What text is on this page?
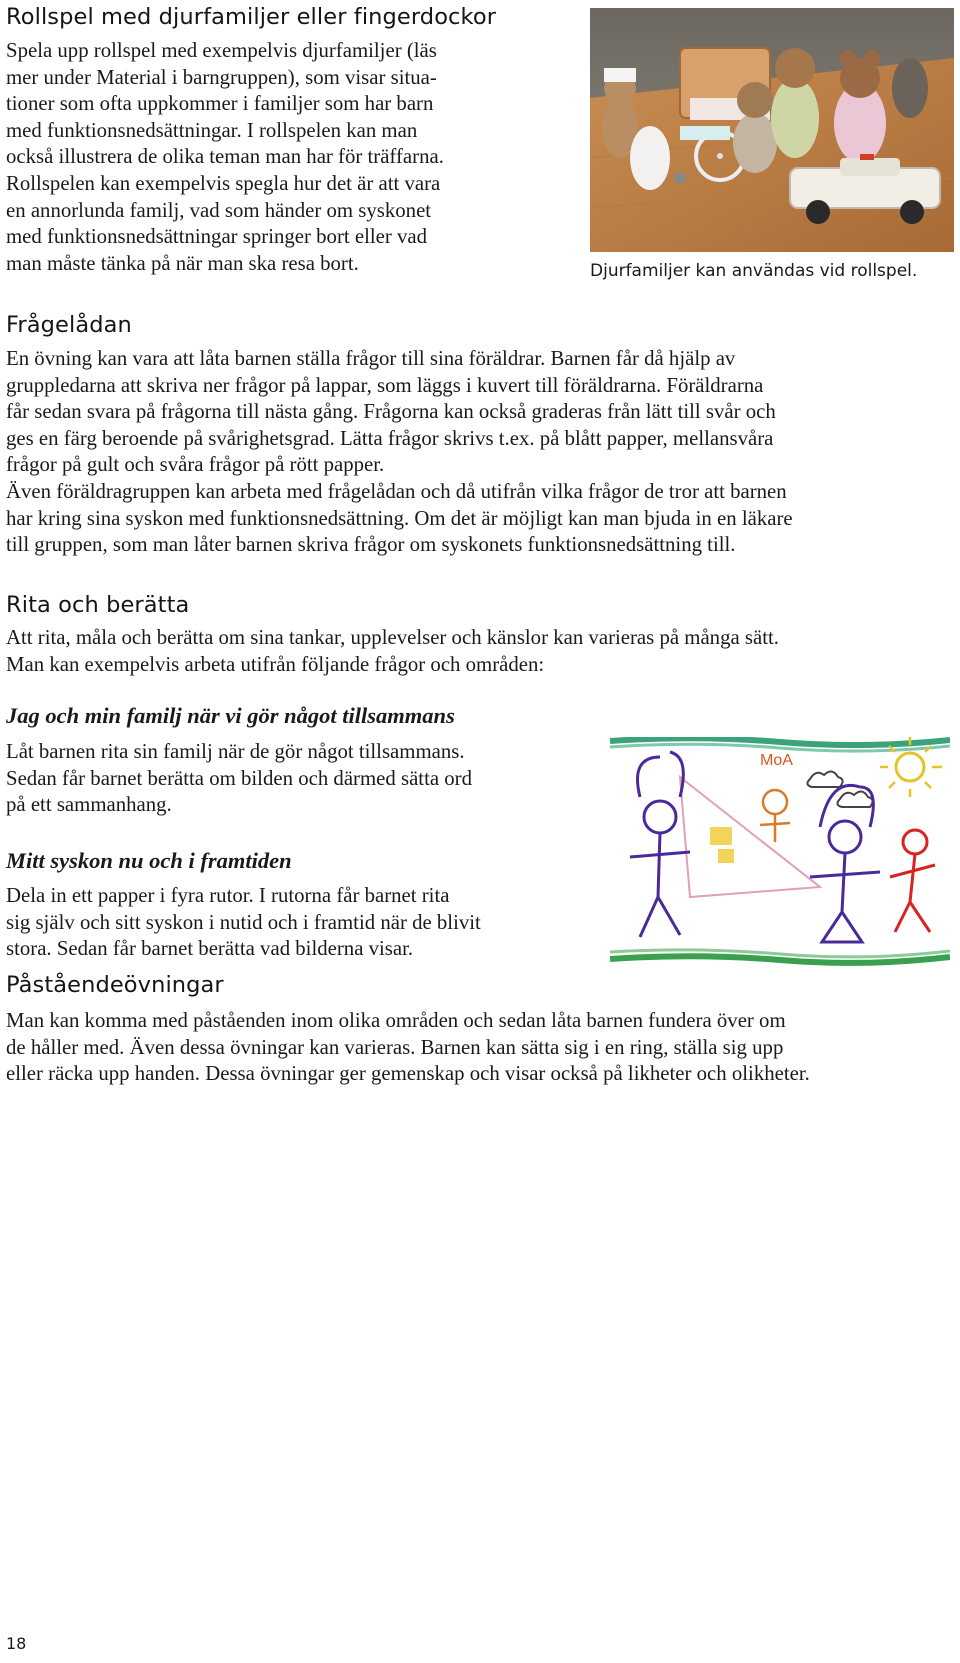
Rollspel med djurfamiljer eller fingerdockor

Spela upp rollspel med exempelvis djurfamiljer (läs
mer under Material i barngruppen), som visar situa-
tioner som ofta uppkommer i familjer som har barn
med funktionsnedsättningar. I rollspelen kan man
också illustrera de olika teman man har för träffarna.
Rollspelen kan exempelvis spegla hur det är att vara
en annorlunda familj, vad som händer om syskonet
med funktionsnedsättningar springer bort eller vad
man måste tänka på när man ska resa bort.	Djurfamiljer kan användas vid rollspel.

Frågelådan

En övning kan vara att låta barnen ställa frågor till sina föräldrar. Barnen får då hjälp av
gruppledarna att skriva ner frågor på lappar, som läggs i kuvert till föräldrarna. Föräldrarna
får sedan svara på frågorna till nästa gång. Frågorna kan också graderas från lätt till svår och
ges en färg beroende på svårighetsgrad. Lätta frågor skrivs t.ex. på blått papper, mellansvåra
frågor på gult och svåra frågor på rött papper.
Även föräldragruppen kan arbeta med frågelådan och då utifrån vilka frågor de tror att barnen
har kring sina syskon med funktionsnedsättning. Om det är möjligt kan man bjuda in en läkare
till gruppen, som man låter barnen skriva frågor om syskonets funktionsnedsättning till.

Rita och berätta

Att rita, måla och berätta om sina tankar, upplevelser och känslor kan varieras på många sätt.
Man kan exempelvis arbeta utifrån följande frågor och områden:

Jag och min familj när vi gör något tillsammans

Låt barnen rita sin familj när de gör något tillsammans.
Sedan får barnet berätta om bilden och därmed sätta ord
på ett sammanhang.

Mitt syskon nu och i framtiden

Dela in ett papper i fyra rutor. I rutorna får barnet rita
sig själv och sitt syskon i nutid och i framtid när de blivit
stora. Sedan får barnet berätta vad bilderna visar.

MoA
Påståendeövningar

Man kan komma med påståenden inom olika områden och sedan låta barnen fundera över om
de håller med. Även dessa övningar kan varieras. Barnen kan sätta sig i en ring, ställa sig upp
eller räcka upp handen. Dessa övningar ger gemenskap och visar också på likheter och olikheter.

18
